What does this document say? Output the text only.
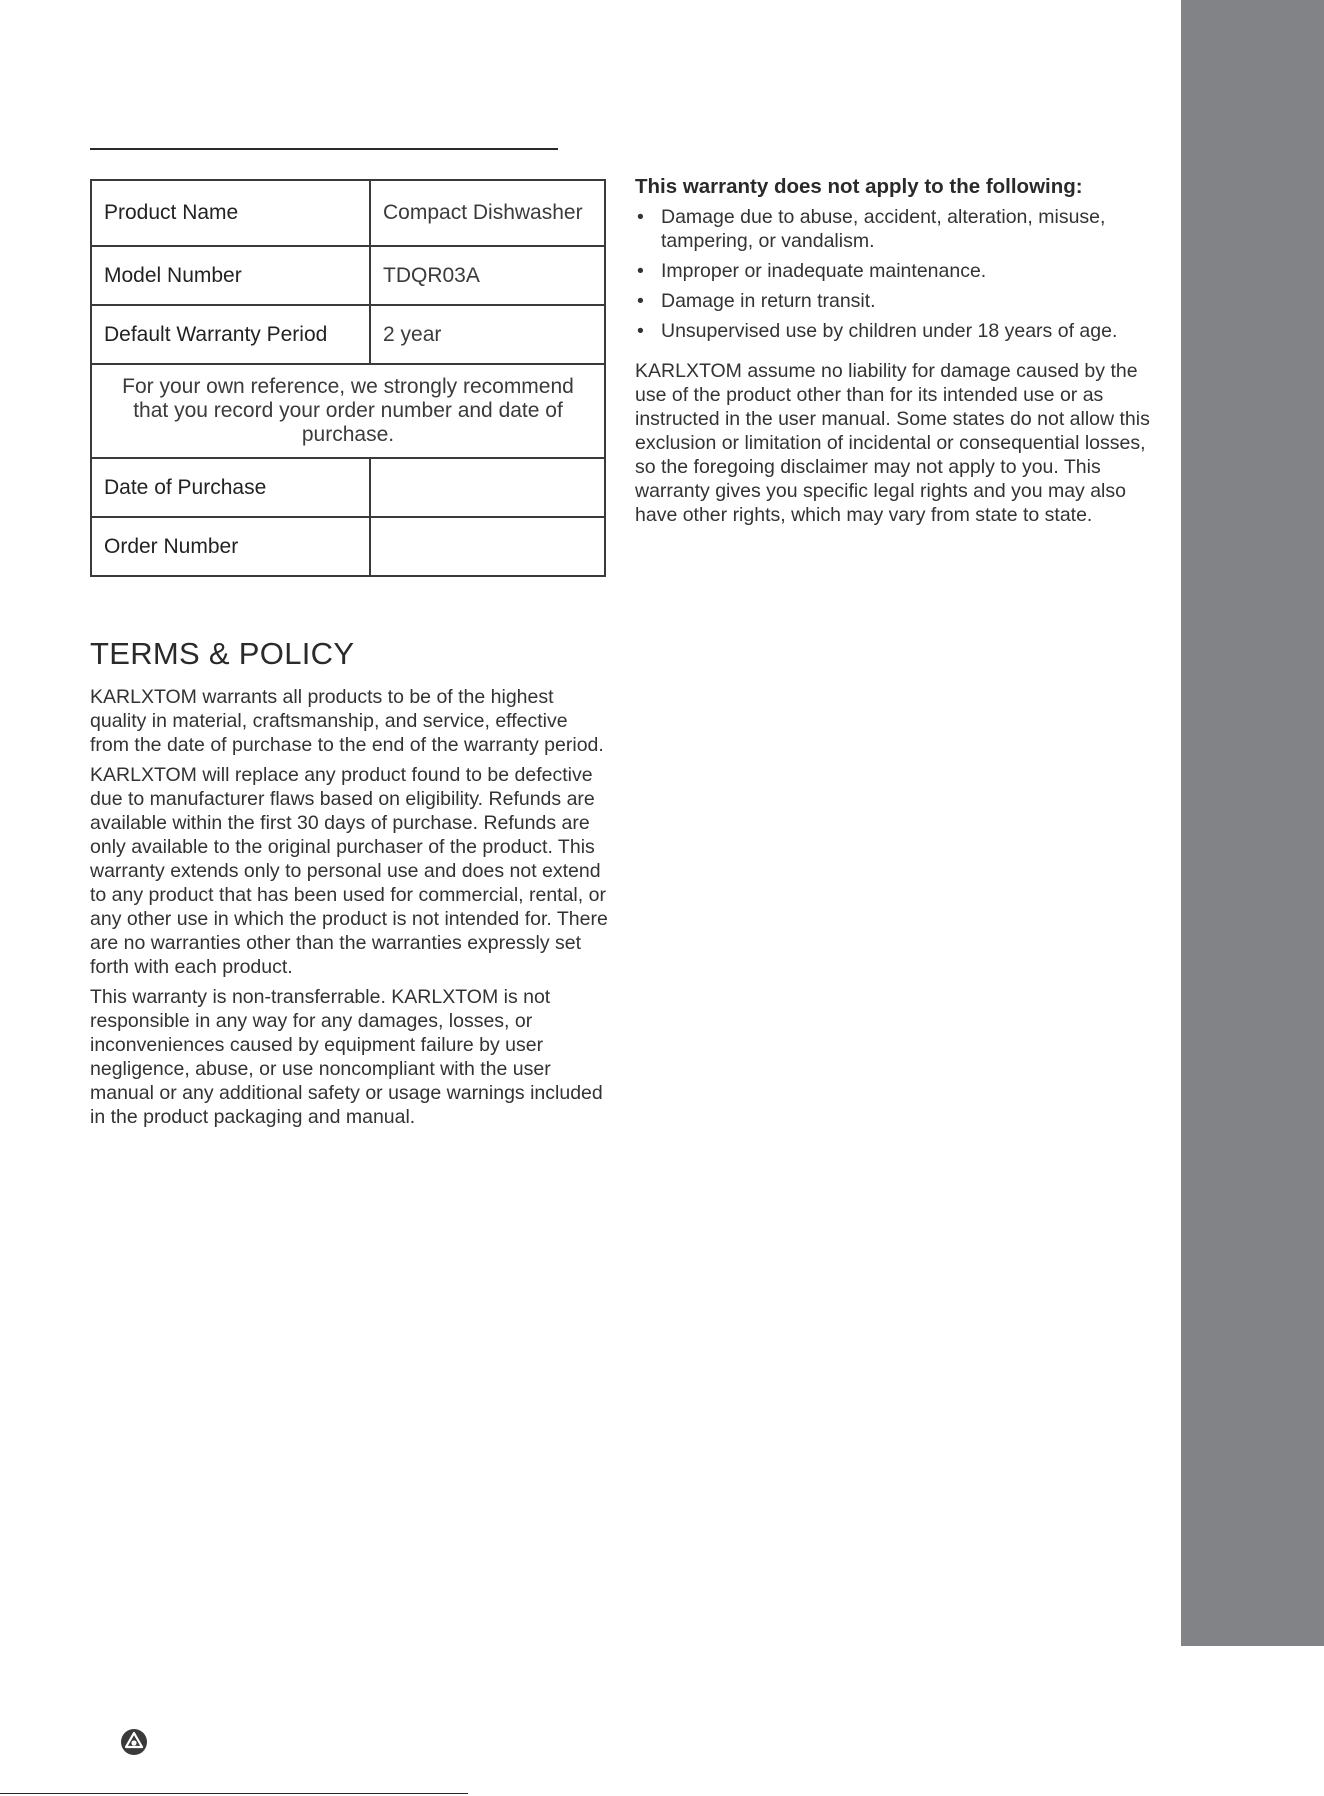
Product Name	Compact Dishwasher
Model Number	TDQR03A
Default Warranty Period	2 year
For your own reference, we strongly recommend that you record your order number and date of purchase.	
Date of Purchase	
Order Number	
TERMS & POLICY

KARLXTOM warrants all products to be of the highest quality in material, craftsmanship, and service, effective from the date of purchase to the end of the warranty period.

KARLXTOM will replace any product found to be defective due to manufacturer flaws based on eligibility. Refunds are available within the first 30 days of purchase. Refunds are only available to the original purchaser of the product. This warranty extends only to personal use and does not extend to any product that has been used for commercial, rental, or any other use in which the product is not intended for. There are no warranties other than the warranties expressly set forth with each product.

This warranty is non-transferrable. KARLXTOM is not responsible in any way for any damages, losses, or inconveniences caused by equipment failure by user negligence, abuse, or use noncompliant with the user manual or any additional safety or usage warnings included in the product packaging and manual.

This warranty does not apply to the following:
• Damage due to abuse, accident, alteration, misuse, tampering, or vandalism.
• Improper or inadequate maintenance.
• Damage in return transit.
• Unsupervised use by children under 18 years of age.

KARLXTOM assume no liability for damage caused by the use of the product other than for its intended use or as instructed in the user manual. Some states do not allow this exclusion or limitation of incidental or consequential losses, so the foregoing disclaimer may not apply to you. This warranty gives you specific legal rights and you may also have other rights, which may vary from state to state.
